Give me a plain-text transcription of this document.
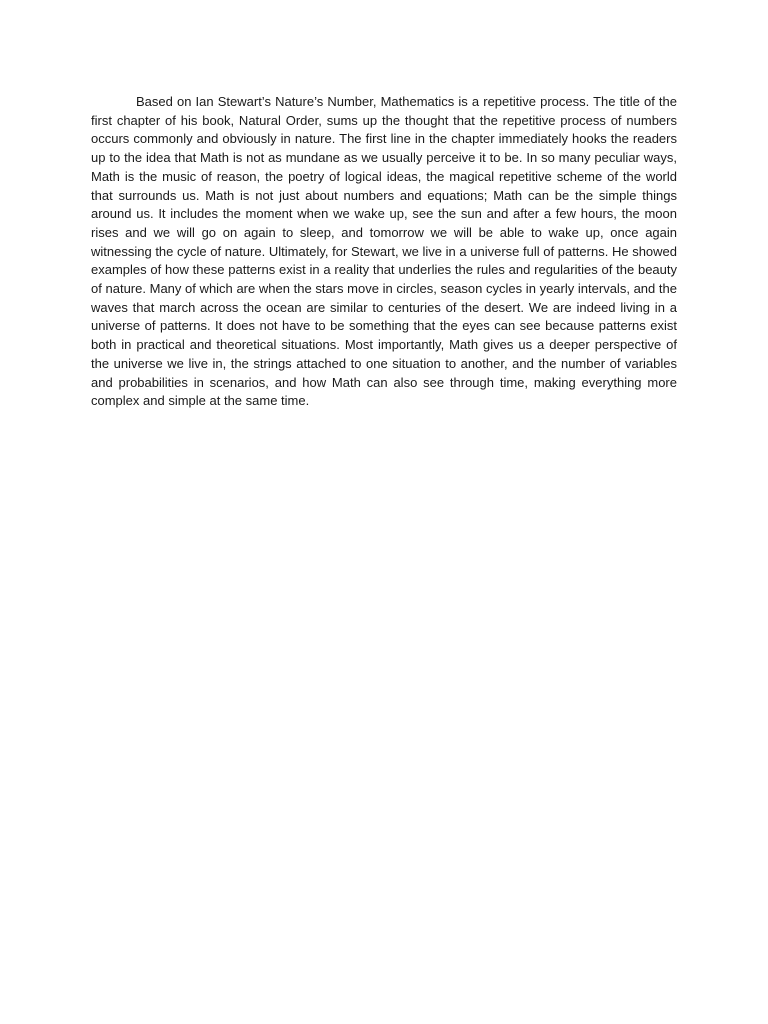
Based on Ian Stewart’s Nature’s Number, Mathematics is a repetitive process. The title of the first chapter of his book, Natural Order, sums up the thought that the repetitive process of numbers occurs commonly and obviously in nature. The first line in the chapter immediately hooks the readers up to the idea that Math is not as mundane as we usually perceive it to be. In so many peculiar ways, Math is the music of reason, the poetry of logical ideas, the magical repetitive scheme of the world that surrounds us. Math is not just about numbers and equations; Math can be the simple things around us. It includes the moment when we wake up, see the sun and after a few hours, the moon rises and we will go on again to sleep, and tomorrow we will be able to wake up, once again witnessing the cycle of nature. Ultimately, for Stewart, we live in a universe full of patterns. He showed examples of how these patterns exist in a reality that underlies the rules and regularities of the beauty of nature. Many of which are when the stars move in circles, season cycles in yearly intervals, and the waves that march across the ocean are similar to centuries of the desert. We are indeed living in a universe of patterns. It does not have to be something that the eyes can see because patterns exist both in practical and theoretical situations. Most importantly, Math gives us a deeper perspective of the universe we live in, the strings attached to one situation to another, and the number of variables and probabilities in scenarios, and how Math can also see through time, making everything more complex and simple at the same time.
